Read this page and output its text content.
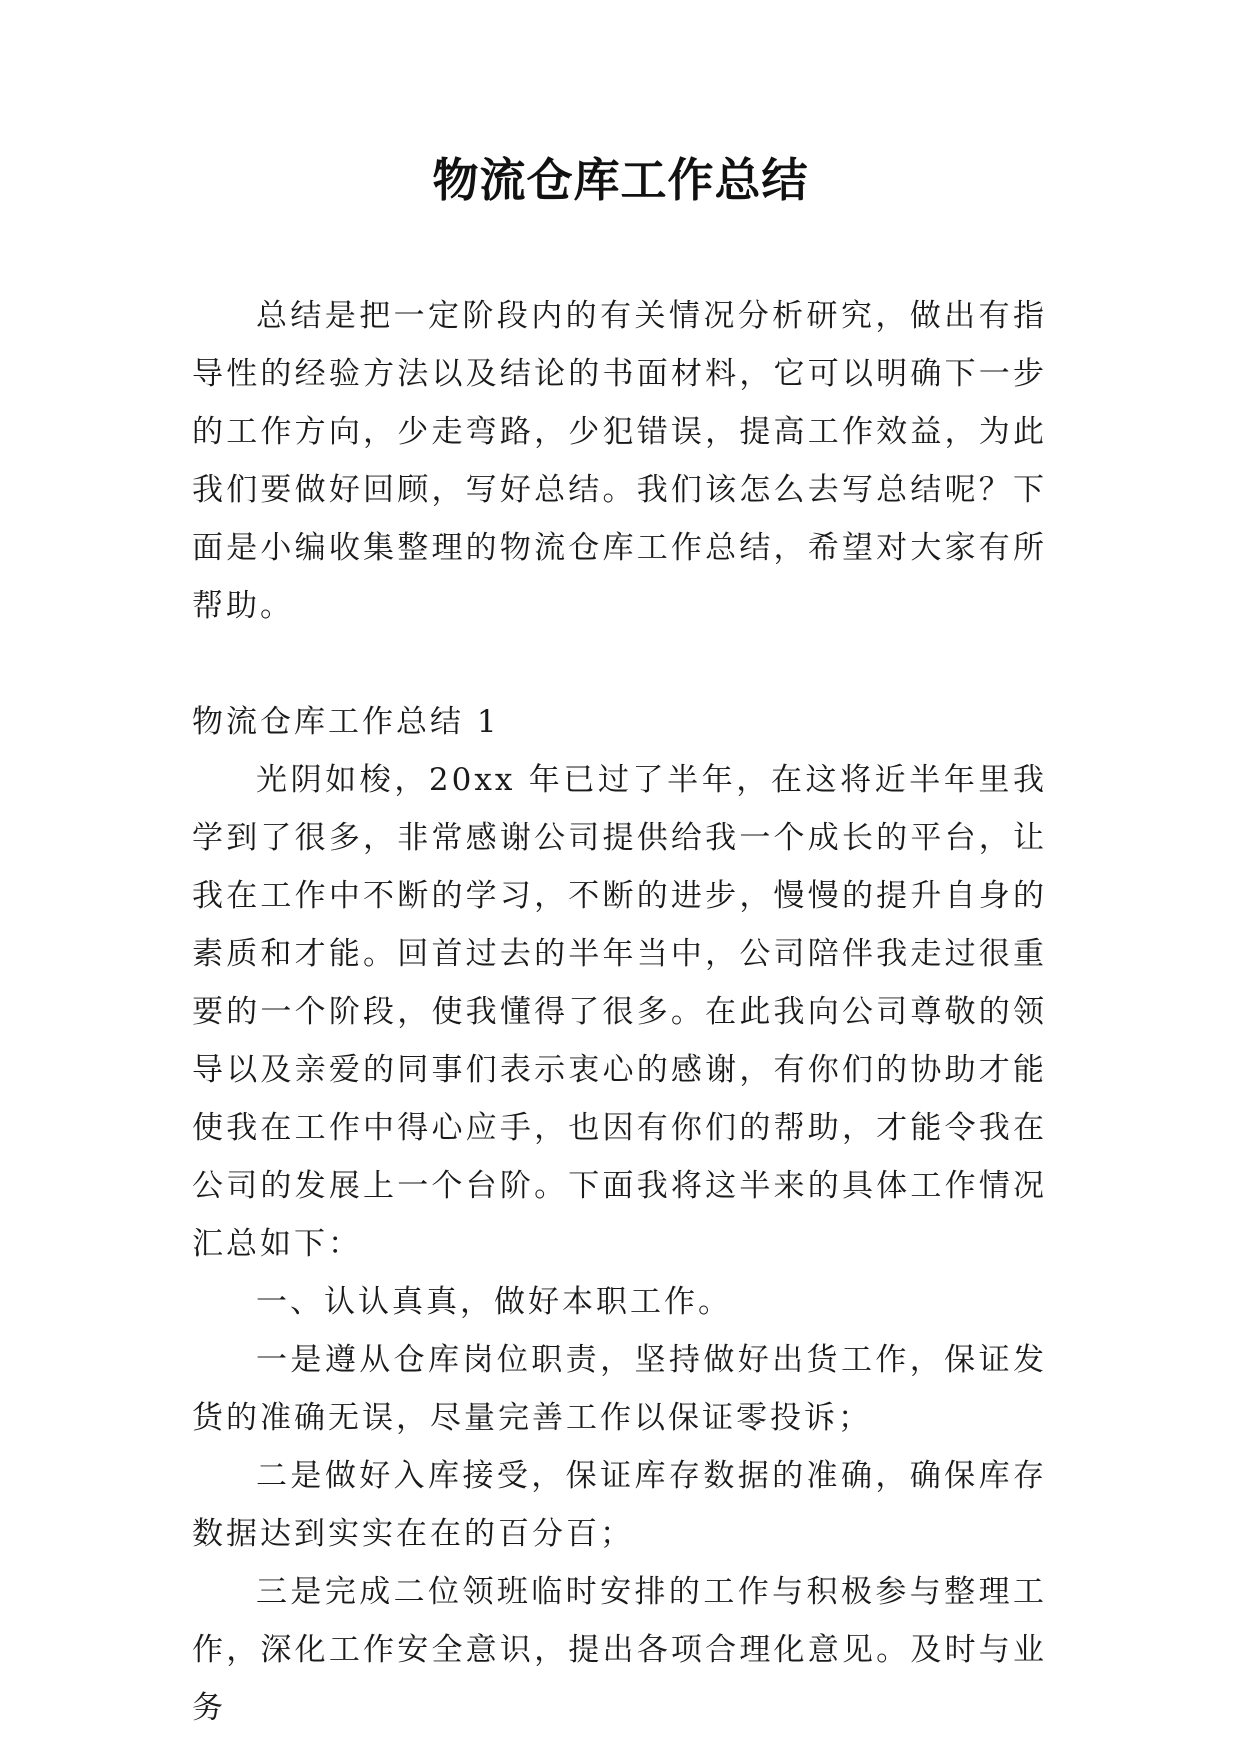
物流仓库工作总结

总结是把一定阶段内的有关情况分析研究，做出有指导性的经验方法以及结论的书面材料，它可以明确下一步的工作方向，少走弯路，少犯错误，提高工作效益，为此我们要做好回顾，写好总结。我们该怎么去写总结呢？下面是小编收集整理的物流仓库工作总结，希望对大家有所帮助。

物流仓库工作总结 1

光阴如梭，20xx 年已过了半年，在这将近半年里我学到了很多，非常感谢公司提供给我一个成长的平台，让我在工作中不断的学习，不断的进步，慢慢的提升自身的素质和才能。回首过去的半年当中，公司陪伴我走过很重要的一个阶段，使我懂得了很多。在此我向公司尊敬的领导以及亲爱的同事们表示衷心的感谢，有你们的协助才能使我在工作中得心应手，也因有你们的帮助，才能令我在公司的发展上一个台阶。下面我将这半来的具体工作情况汇总如下：

一、认认真真，做好本职工作。

一是遵从仓库岗位职责，坚持做好出货工作，保证发货的准确无误，尽量完善工作以保证零投诉；

二是做好入库接受，保证库存数据的准确，确保库存数据达到实实在在的百分百；

三是完成二位领班临时安排的工作与积极参与整理工作，深化工作安全意识，提出各项合理化意见。及时与业务
